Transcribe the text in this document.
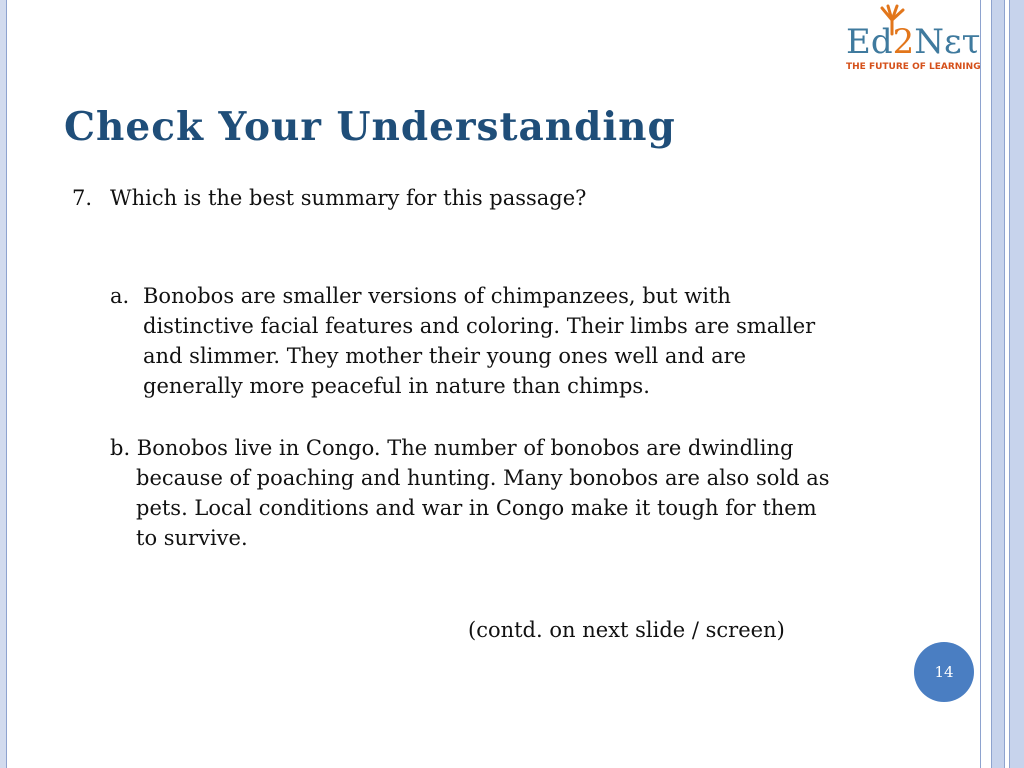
Ed2Nετ
THE FUTURE OF LEARNING
Check Your Understanding
7. Which is the best summary for this passage?
a. Bonobos are smaller versions of chimpanzees, but with
distinctive facial features and coloring. Their limbs are smaller
and slimmer. They mother their young ones well and are
generally more peaceful in nature than chimps.
b. Bonobos live in Congo. The number of bonobos are dwindling
because of poaching and hunting. Many bonobos are also sold as
pets. Local conditions and war in Congo make it tough for them
to survive.
(contd. on next slide / screen)
14
